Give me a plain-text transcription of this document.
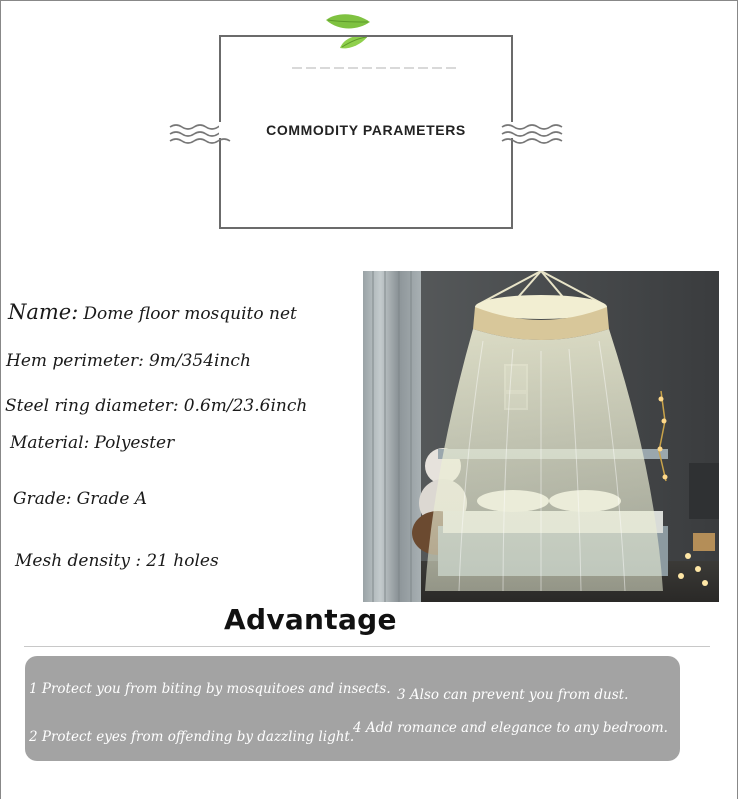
COMMODITY PARAMETERS
Name: Dome floor mosquito net
Hem perimeter: 9m/354inch
Steel ring diameter: 0.6m/23.6inch
Material: Polyester
Grade: Grade A
Mesh density : 21 holes
Advantage
1 Protect you from biting by mosquitoes and insects. 3 Also can prevent you from dust.
2 Protect eyes from offending by dazzling light.
4 Add romance and elegance to any bedroom.
